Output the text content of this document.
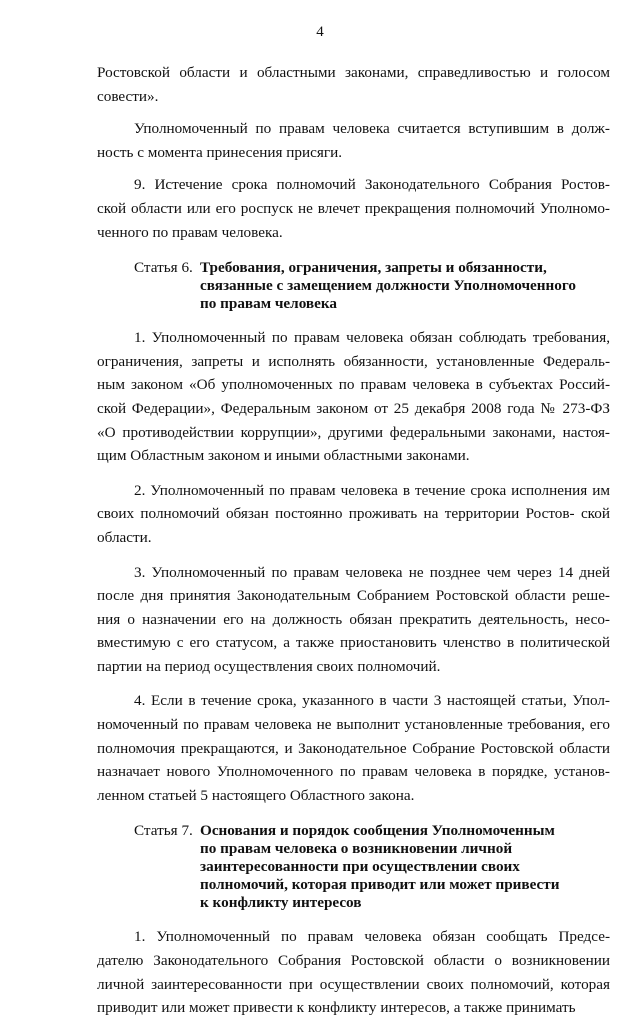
4

Ростовской области и областными законами, справедливостью и голосом совести».

Уполномоченный по правам человека считается вступившим в долж- ность с момента принесения присяги.

9. Истечение срока полномочий Законодательного Собрания Ростов- ской области или его роспуск не влечет прекращения полномочий Уполномо- ченного по правам человека.

Статья 6. Требования, ограничения, запреты и обязанности,
связанные с замещением должности Уполномоченного
по правам человека

1. Уполномоченный по правам человека обязан соблюдать требования, ограничения, запреты и исполнять обязанности, установленные Федераль- ным законом «Об уполномоченных по правам человека в субъектах Россий- ской Федерации», Федеральным законом от 25 декабря 2008 года № 273-ФЗ «О противодействии коррупции», другими федеральными законами, настоя- щим Областным законом и иными областными законами.

2. Уполномоченный по правам человека в течение срока исполнения им своих полномочий обязан постоянно проживать на территории Ростов- ской области.

3. Уполномоченный по правам человека не позднее чем через 14 дней после дня принятия Законодательным Собранием Ростовской области реше- ния о назначении его на должность обязан прекратить деятельность, несо- вместимую с его статусом, а также приостановить членство в политической партии на период осуществления своих полномочий.

4. Если в течение срока, указанного в части 3 настоящей статьи, Упол- номоченный по правам человека не выполнит установленные требования, его полномочия прекращаются, и Законодательное Собрание Ростовской области назначает нового Уполномоченного по правам человека в порядке, установ- ленном статьей 5 настоящего Областного закона.

Статья 7. Основания и порядок сообщения Уполномоченным
по правам человека о возникновении личной
заинтересованности при осуществлении своих
полномочий, которая приводит или может привести
к конфликту интересов

1. Уполномоченный по правам человека обязан сообщать Предсе- дателю Законодательного Собрания Ростовской области о возникновении личной заинтересованности при осуществлении своих полномочий, которая приводит или может привести к конфликту интересов, а также принимать
